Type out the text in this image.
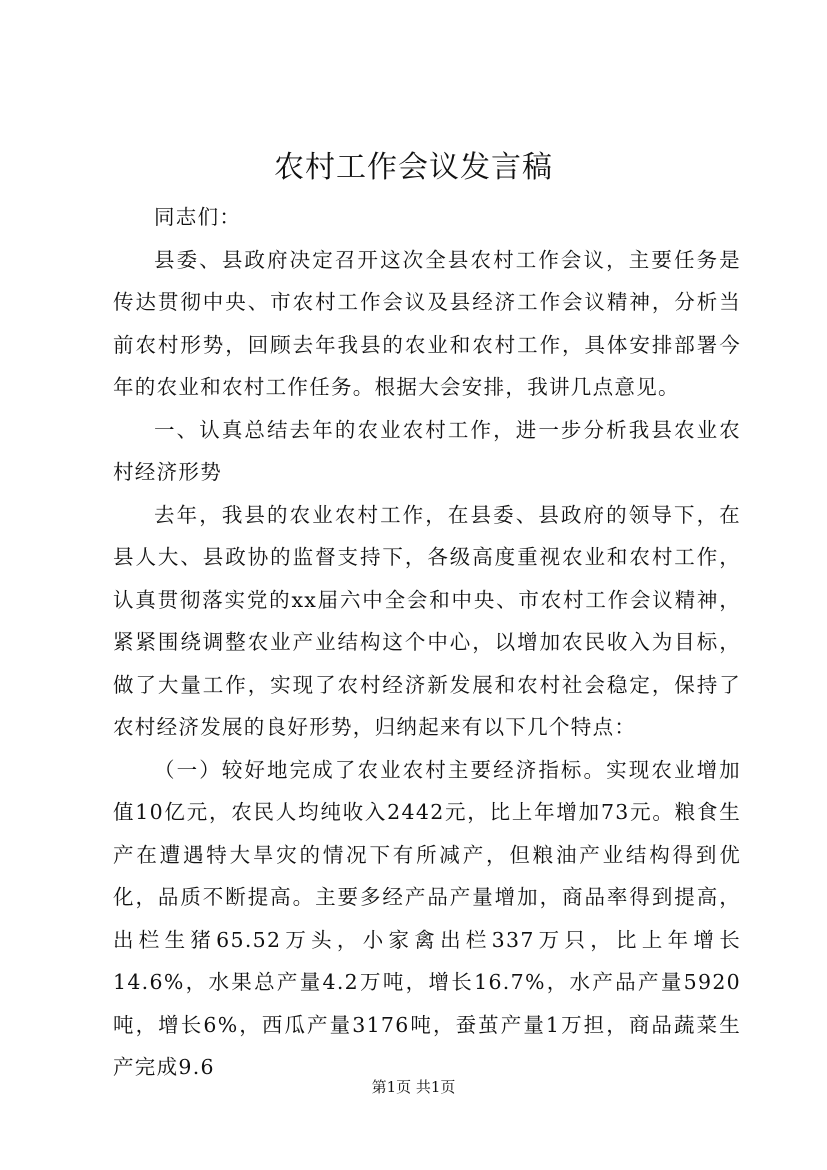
农村工作会议发言稿

同志们：

县委、县政府决定召开这次全县农村工作会议，主要任务是传达贯彻中央、市农村工作会议及县经济工作会议精神，分析当前农村形势，回顾去年我县的农业和农村工作，具体安排部署今年的农业和农村工作任务。根据大会安排，我讲几点意见。

一、认真总结去年的农业农村工作，进一步分析我县农业农村经济形势

去年，我县的农业农村工作，在县委、县政府的领导下，在县人大、县政协的监督支持下，各级高度重视农业和农村工作，认真贯彻落实党的xx届六中全会和中央、市农村工作会议精神，紧紧围绕调整农业产业结构这个中心，以增加农民收入为目标，做了大量工作，实现了农村经济新发展和农村社会稳定，保持了农村经济发展的良好形势，归纳起来有以下几个特点：

（一）较好地完成了农业农村主要经济指标。实现农业增加值10亿元，农民人均纯收入2442元，比上年增加73元。粮食生产在遭遇特大旱灾的情况下有所减产，但粮油产业结构得到优化，品质不断提高。主要多经产品产量增加，商品率得到提高，出栏生猪65.52万头，小家禽出栏337万只，比上年增长14.6%，水果总产量4.2万吨，增长16.7%，水产品产量5920吨，增长6%，西瓜产量3176吨，蚕茧产量1万担，商品蔬菜生产完成9.6

第1页 共1页
